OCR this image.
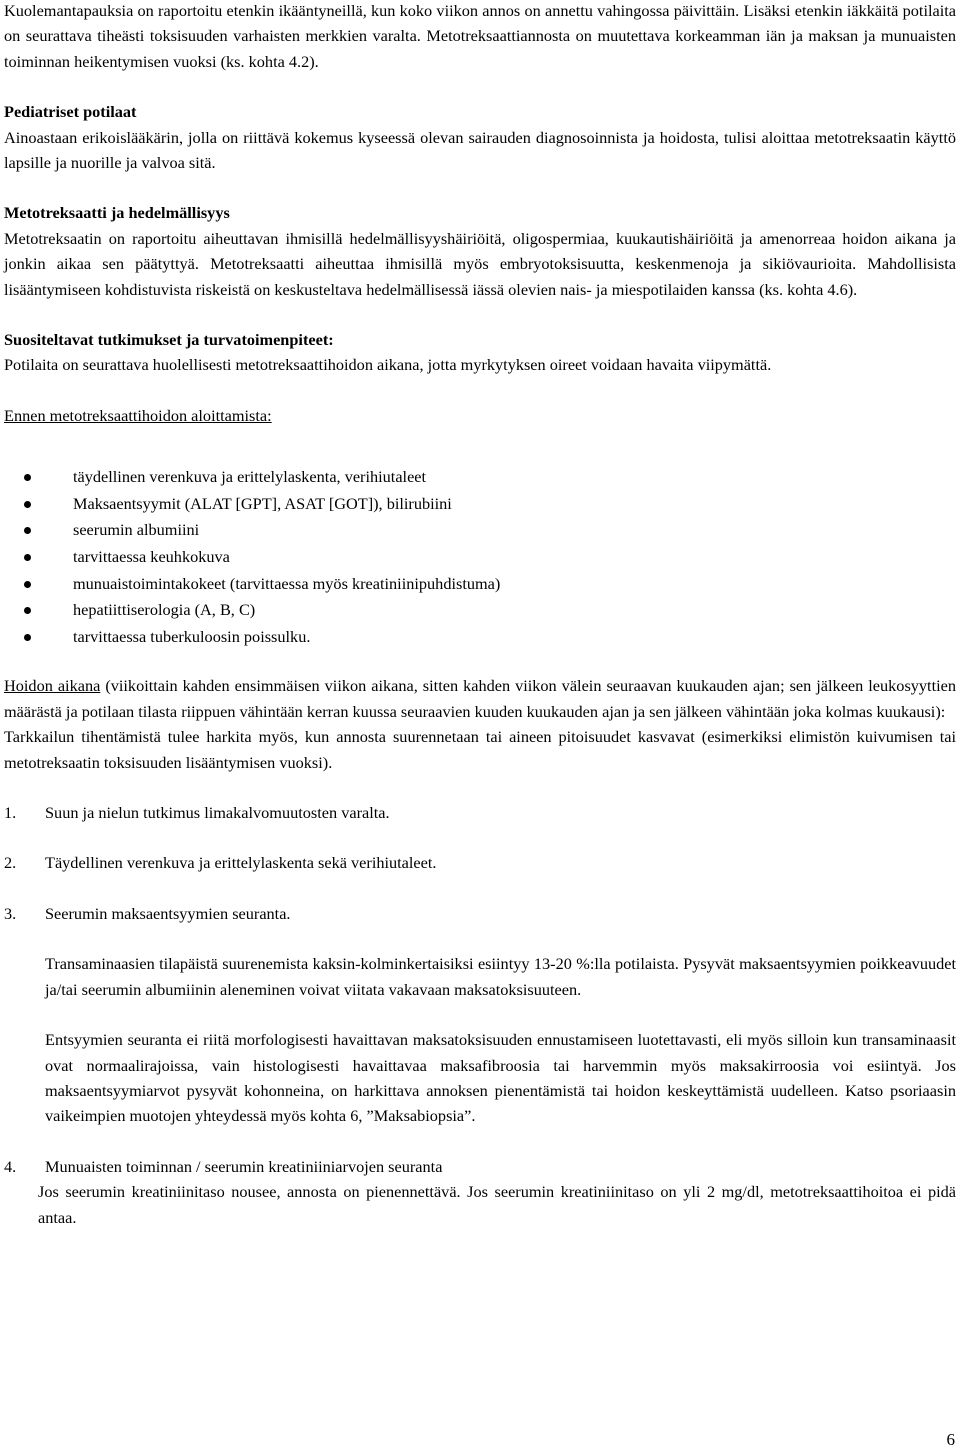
Kuolemantapauksia on raportoitu etenkin ikääntyneillä, kun koko viikon annos on annettu vahingossa päivittäin. Lisäksi etenkin iäkkäitä potilaita on seurattava tiheästi toksisuuden varhaisten merkkien varalta. Metotreksaattiannosta on muutettava korkeamman iän ja maksan ja munuaisten toiminnan heikentymisen vuoksi (ks. kohta 4.2).

Pediatriset potilaat

Ainoastaan erikoislääkärin, jolla on riittävä kokemus kyseessä olevan sairauden diagnosoinnista ja hoidosta, tulisi aloittaa metotreksaatin käyttö lapsille ja nuorille ja valvoa sitä.

Metotreksaatti ja hedelmällisyys

Metotreksaatin on raportoitu aiheuttavan ihmisillä hedelmällisyyshäiriöitä, oligospermiaa, kuukautishäiriöitä ja amenorreaa hoidon aikana ja jonkin aikaa sen päätyttyä. Metotreksaatti aiheuttaa ihmisillä myös embryotoksisuutta, keskenmenoja ja sikiövaurioita. Mahdollisista lisääntymiseen kohdistuvista riskeistä on keskusteltava hedelmällisessä iässä olevien nais- ja miespotilaiden kanssa (ks. kohta 4.6).

Suositeltavat tutkimukset ja turvatoimenpiteet:

Potilaita on seurattava huolellisesti metotreksaattihoidon aikana, jotta myrkytyksen oireet voidaan havaita viipymättä.

Ennen metotreksaattihoidon aloittamista:

täydellinen verenkuva ja erittelylaskenta, verihiutaleet
Maksaentsyymit (ALAT [GPT], ASAT [GOT]), bilirubiini
seerumin albumiini
tarvittaessa keuhkokuva
munuaistoimintakokeet (tarvittaessa myös kreatiniinipuhdistuma)
hepatiittiserologia (A, B, C)
tarvittaessa tuberkuloosin poissulku.

Hoidon aikana (viikoittain kahden ensimmäisen viikon aikana, sitten kahden viikon välein seuraavan kuukauden ajan; sen jälkeen leukosyyttien määrästä ja potilaan tilasta riippuen vähintään kerran kuussa seuraavien kuuden kuukauden ajan ja sen jälkeen vähintään joka kolmas kuukausi):

Tarkkailun tihentämistä tulee harkita myös, kun annosta suurennetaan tai aineen pitoisuudet kasvavat (esimerkiksi elimistön kuivumisen tai metotreksaatin toksisuuden lisääntymisen vuoksi).

1.	Suun ja nielun tutkimus limakalvomuutosten varalta.
2.	Täydellinen verenkuva ja erittelylaskenta sekä verihiutaleet.
3.	Seerumin maksaentsyymien seuranta.

Transaminaasien tilapäistä suurenemista kaksin-kolminkertaisiksi esiintyy 13-20 %:lla potilaista. Pysyvät maksaentsyymien poikkeavuudet ja/tai seerumin albumiinin aleneminen voivat viitata vakavaan maksatoksisuuteen.

Entsyymien seuranta ei riitä morfologisesti havaittavan maksatoksisuuden ennustamiseen luotettavasti, eli myös silloin kun transaminaasit ovat normaalirajoissa, vain histologisesti havaittavaa maksafibroosia tai harvemmin myös maksakirroosia voi esiintyä. Jos maksaentsyymiarvot pysyvät kohonneina, on harkittava annoksen pienentämistä tai hoidon keskeyttämistä uudelleen. Katso psoriaasin vaikeimpien muotojen yhteydessä myös kohta 6, ”Maksabiopsia”.

4.	Munuaisten toiminnan / seerumin kreatiniiniarvojen seuranta

Jos seerumin kreatiniinitaso nousee, annosta on pienennettävä. Jos seerumin kreatiniinitaso on yli 2 mg/dl, metotreksaattihoitoa ei pidä antaa.

6
